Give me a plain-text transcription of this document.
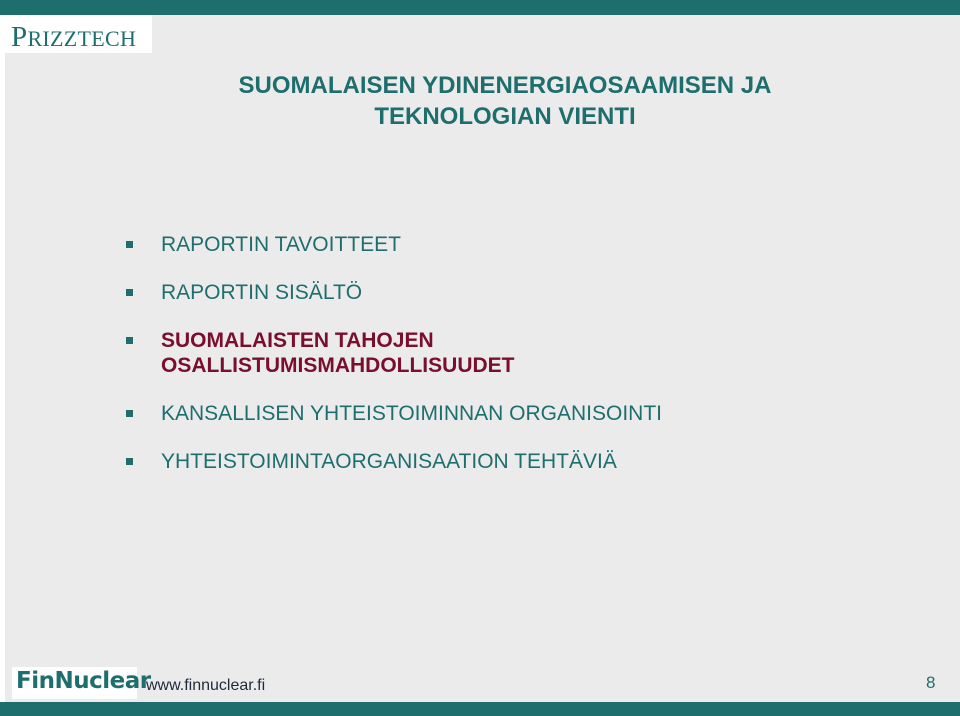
PRIZZTECH
SUOMALAISEN YDINENERGIAOSAAMISEN JA
TEKNOLOGIAN VIENTI
RAPORTIN TAVOITTEET
RAPORTIN SISÄLTÖ
SUOMALAISTEN TAHOJEN
OSALLISTUMISMAHDOLLISUUDET
KANSALLISEN YHTEISTOIMINNAN ORGANISOINTI
YHTEISTOIMINTAORGANISAATION TEHTÄVIÄ
FinNuclear
www.finnuclear.fi	8
